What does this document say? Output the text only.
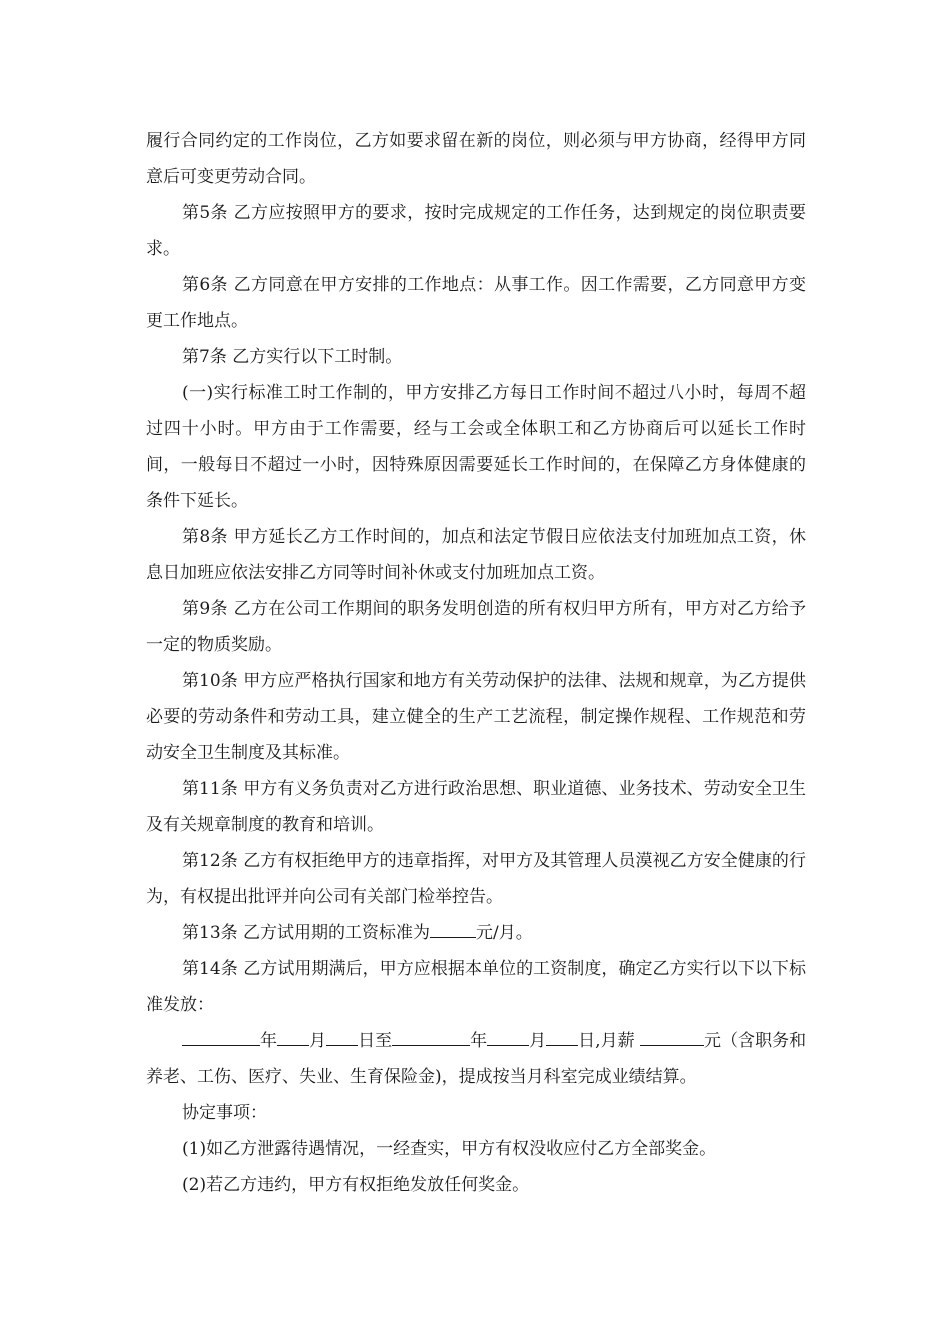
履行合同约定的工作岗位，乙方如要求留在新的岗位，则必须与甲方协商，经得甲方同意后可变更劳动合同。

第5条 乙方应按照甲方的要求，按时完成规定的工作任务，达到规定的岗位职责要求。

第6条 乙方同意在甲方安排的工作地点：从事工作。因工作需要，乙方同意甲方变更工作地点。

第7条 乙方实行以下工时制。

(一)实行标准工时工作制的，甲方安排乙方每日工作时间不超过八小时，每周不超过四十小时。甲方由于工作需要，经与工会或全体职工和乙方协商后可以延长工作时间，一般每日不超过一小时，因特殊原因需要延长工作时间的，在保障乙方身体健康的条件下延长。

第8条 甲方延长乙方工作时间的，加点和法定节假日应依法支付加班加点工资，休息日加班应依法安排乙方同等时间补休或支付加班加点工资。

第9条 乙方在公司工作期间的职务发明创造的所有权归甲方所有，甲方对乙方给予一定的物质奖励。

第10条 甲方应严格执行国家和地方有关劳动保护的法律、法规和规章，为乙方提供必要的劳动条件和劳动工具，建立健全的生产工艺流程，制定操作规程、工作规范和劳动安全卫生制度及其标准。

第11条 甲方有义务负责对乙方进行政治思想、职业道德、业务技术、劳动安全卫生及有关规章制度的教育和培训。

第12条 乙方有权拒绝甲方的违章指挥，对甲方及其管理人员漠视乙方安全健康的行为，有权提出批评并向公司有关部门检举控告。

第13条 乙方试用期的工资标准为	元/月。

第14条 乙方试用期满后，甲方应根据本单位的工资制度，确定乙方实行以下以下标准发放：

年 月 日至	年 月 日,月薪	元（含职务和养老、工伤、医疗、失业、生育保险金)，提成按当月科室完成业绩结算。

协定事项：

(1)如乙方泄露待遇情况，一经查实，甲方有权没收应付乙方全部奖金。

(2)若乙方违约，甲方有权拒绝发放任何奖金。
